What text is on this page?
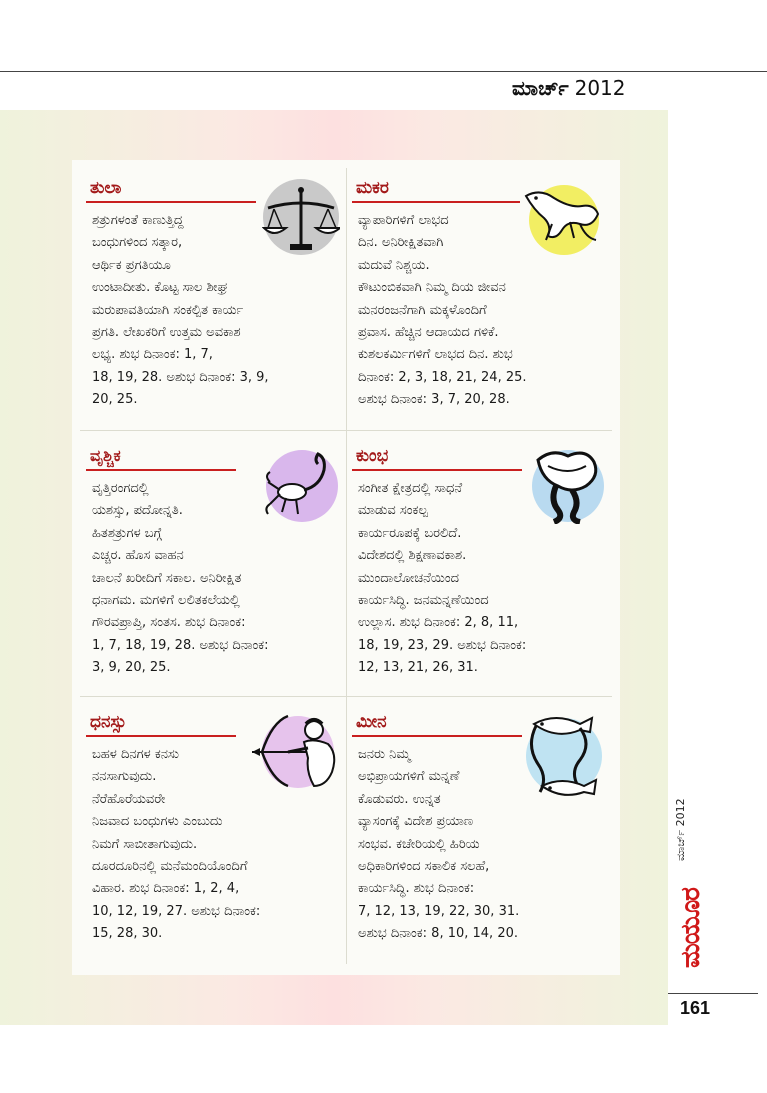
ಮಾರ್ಚ್ 2012
ತುಲಾ
ಶತ್ರುಗಳಂತೆ ಕಾಣುತ್ತಿದ್ದ
ಬಂಧುಗಳಿಂದ ಸತ್ಕಾರ,
ಆರ್ಥಿಕ ಪ್ರಗತಿಯೂ
ಉಂಟಾದೀತು. ಕೊಟ್ಟ ಸಾಲ ಶೀಘ್ರ
ಮರುಪಾವತಿಯಾಗಿ ಸಂಕಲ್ಪಿತ ಕಾರ್ಯ
ಪ್ರಗತಿ. ಲೇಖಕರಿಗೆ ಉತ್ತಮ ಅವಕಾಶ
ಲಭ್ಯ. ಶುಭ ದಿನಾಂಕ: 1, 7,
18, 19, 28. ಅಶುಭ ದಿನಾಂಕ: 3, 9,
20, 25.
ಮಕರ
ವ್ಯಾಪಾರಿಗಳಿಗೆ ಲಾಭದ
ದಿನ. ಅನಿರೀಕ್ಷಿತವಾಗಿ
ಮದುವೆ ನಿಶ್ಚಯ.
ಕೌಟುಂಬಿಕವಾಗಿ ನಿಮ್ಮ ದಿಯ ಜೀವನ
ಮನರಂಜನೆಗಾಗಿ ಮಕ್ಕಳೊಂದಿಗೆ
ಪ್ರವಾಸ. ಹೆಚ್ಚಿನ ಆದಾಯದ ಗಳಿಕೆ.
ಕುಶಲಕರ್ಮಿಗಳಿಗೆ ಲಾಭದ ದಿನ. ಶುಭ
ದಿನಾಂಕ: 2, 3, 18, 21, 24, 25.
ಅಶುಭ ದಿನಾಂಕ: 3, 7, 20, 28.
ವೃಶ್ಚಿಕ
ವೃತ್ತಿರಂಗದಲ್ಲಿ
ಯಶಸ್ಸು, ಪದೋನ್ನತಿ.
ಹಿತಶತ್ರುಗಳ ಬಗ್ಗೆ
ಎಚ್ಚರ. ಹೊಸ ವಾಹನ
ಚಾಲನೆ ಖರೀದಿಗೆ ಸಕಾಲ. ಅನಿರೀಕ್ಷಿತ
ಧನಾಗಮ. ಮಗಳಿಗೆ ಲಲಿತಕಲೆಯಲ್ಲಿ
ಗೌರವಪ್ರಾಪ್ತಿ, ಸಂತಸ. ಶುಭ ದಿನಾಂಕ:
1, 7, 18, 19, 28. ಅಶುಭ ದಿನಾಂಕ:
3, 9, 20, 25.
ಕುಂಭ
ಸಂಗೀತ ಕ್ಷೇತ್ರದಲ್ಲಿ ಸಾಧನೆ
ಮಾಡುವ ಸಂಕಲ್ಪ
ಕಾರ್ಯರೂಪಕ್ಕೆ ಬರಲಿದೆ.
ವಿದೇಶದಲ್ಲಿ ಶಿಕ್ಷಣಾವಕಾಶ.
ಮುಂದಾಲೋಚನೆಯಿಂದ
ಕಾರ್ಯಸಿದ್ಧಿ. ಜನಮನ್ನಣೆಯಿಂದ
ಉಲ್ಲಾಸ. ಶುಭ ದಿನಾಂಕ: 2, 8, 11,
18, 19, 23, 29. ಅಶುಭ ದಿನಾಂಕ:
12, 13, 21, 26, 31.
ಧನಸ್ಸು
ಬಹಳ ದಿನಗಳ ಕನಸು
ನನಸಾಗುವುದು.
ನೆರೆಹೊರೆಯವರೇ
ನಿಜವಾದ ಬಂಧುಗಳು ಎಂಬುದು
ನಿಮಗೆ ಸಾಬೀತಾಗುವುದು.
ದೂರದೂರಿನಲ್ಲಿ ಮನೆಮಂದಿಯೊಂದಿಗೆ
ವಿಹಾರ. ಶುಭ ದಿನಾಂಕ: 1, 2, 4,
10, 12, 19, 27. ಅಶುಭ ದಿನಾಂಕ:
15, 28, 30.
ಮೀನ
ಜನರು ನಿಮ್ಮ
ಅಭಿಪ್ರಾಯಗಳಿಗೆ ಮನ್ನಣೆ
ಕೊಡುವರು. ಉನ್ನತ
ವ್ಯಾಸಂಗಕ್ಕೆ ವಿದೇಶ ಪ್ರಯಾಣ
ಸಂಭವ. ಕಚೇರಿಯಲ್ಲಿ ಹಿರಿಯ
ಅಧಿಕಾರಿಗಳಿಂದ ಸಕಾಲಿಕ ಸಲಹೆ,
ಕಾರ್ಯಸಿದ್ಧಿ. ಶುಭ ದಿನಾಂಕ:
7, 12, 13, 19, 22, 30, 31.
ಅಶುಭ ದಿನಾಂಕ: 8, 10, 14, 20.
ಮಾರ್ಚ್ 2012
ಮಯೂರ
161
